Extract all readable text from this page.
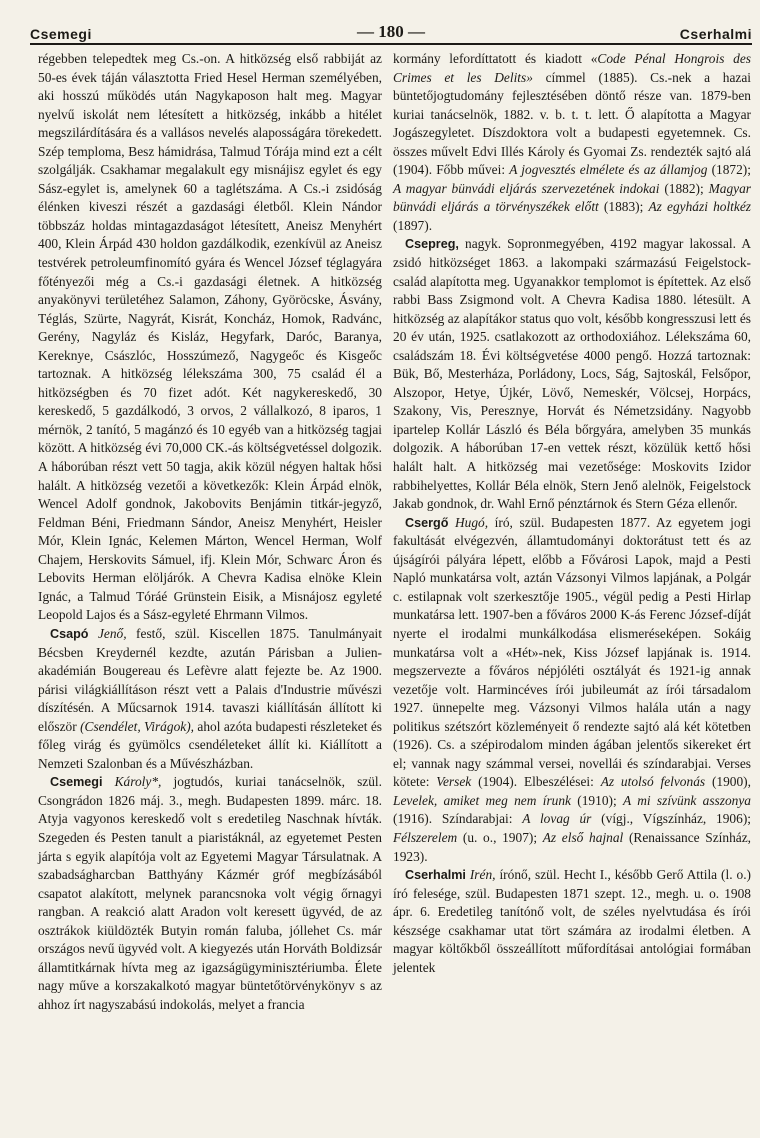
Csemegi	— 180 —	Cserhalmi

régebben telepedtek meg Cs.-on. A hitközség első rabbiját az 50-es évek táján választotta Fried Hesel Herman személyében, aki hosszú működés után Nagykaposon halt meg. Magyar nyelvű iskolát nem létesített a hitközség, inkább a hitélet megszilárdítására és a vallásos nevelés alaposságára törekedett. Szép temploma, Besz hámidrása, Talmud Tórája mind ezt a célt szolgálják. Csakhamar megalakult egy misnájisz egylet és egy Sász-egylet is, amelynek 60 a taglétszáma. A Cs.-i zsidóság élénken kiveszi részét a gazdasági életből. Klein Nándor többszáz holdas mintagazdaságot létesített, Aneisz Menyhért 400, Klein Árpád 430 holdon gazdálkodik, ezenkívül az Aneisz testvérek petroleumfinomító gyára és Wencel József téglagyára főtényezői még a Cs.-i gazdasági életnek. A hitközség anyakönyvi területéhez Salamon, Záhony, Györöcske, Ásvány, Téglás, Szürte, Nagyrát, Kisrát, Koncház, Homok, Radvánc, Gerény, Nagyláz és Kisláz, Hegyfark, Daróc, Baranya, Kereknye, Császlóc, Hosszúmező, Nagygeőc és Kisgeőc tartoznak. A hitközség lélekszáma 300, 75 család él a hitközségben és 70 fizet adót. Két nagykereskedő, 30 kereskedő, 5 gazdálkodó, 3 orvos, 2 vállalkozó, 8 iparos, 1 mérnök, 2 tanító, 5 magánzó és 10 egyéb van a hitközség tagjai között. A hitközség évi 70,000 CK.-ás költségvetéssel dolgozik. A háborúban részt vett 50 tagja, akik közül négyen haltak hősi halált. A hitközség vezetői a következők: Klein Árpád elnök, Wencel Adolf gondnok, Jakobovits Benjámin titkár-jegyző, Feldman Béni, Friedmann Sándor, Aneisz Menyhért, Heisler Mór, Klein Ignác, Kelemen Márton, Wencel Herman, Wolf Chajem, Herskovits Sámuel, ifj. Klein Mór, Schwarc Áron és Lebovits Herman elöljárók. A Chevra Kadisa elnöke Klein Ignác, a Talmud Tóráé Grünstein Eisik, a Misnájosz egyleté Leopold Lajos és a Sász-egyleté Ehrmann Vilmos.

Csapó Jenő, festő, szül. Kiscellen 1875. Tanulmányait Bécsben Kreydernél kezdte, azután Párisban a Julien-akadémián Bougereau és Lefèvre alatt fejezte be. Az 1900. párisi világkiállításon részt vett a Palais d'Industrie művészi díszítésén. A Műcsarnok 1914. tavaszi kiállításán állított ki először (Csendélet, Virágok), ahol azóta budapesti részleteket és főleg virág és gyümölcs csendéleteket állít ki. Kiállított a Nemzeti Szalonban és a Művészházban.

Csemegi Károly*, jogtudós, kuriai tanácselnök, szül. Csongrádon 1826 máj. 3., megh. Budapesten 1899. márc. 18. Atyja vagyonos kereskedő volt s eredetileg Naschnak hívták. Szegeden és Pesten tanult a piaristáknál, az egyetemet Pesten járta s egyik alapítója volt az Egyetemi Magyar Társulatnak. A szabadságharcban Batthyány Kázmér gróf megbízásából csapatot alakított, melynek parancsnoka volt végig őrnagyi rangban. A reakció alatt Aradon volt keresett ügyvéd, de az osztrákok kiüldözték Butyin román faluba, jóllehet Cs. már országos nevű ügyvéd volt. A kiegyezés után Horváth Boldizsár államtitkárnak hívta meg az igazságügyminisztériumba. Élete nagy műve a korszakalkotó magyar büntetőtörvénykönyv s az ahhoz írt nagyszabású indokolás, melyet a francia

kormány lefordíttatott és kiadott «Code Pénal Hongrois des Crimes et les Delits» címmel (1885). Cs.-nek a hazai büntetőjogtudomány fejlesztésében döntő része van. 1879-ben kuriai tanácselnök, 1882. v. b. t. t. lett. Ő alapította a Magyar Jogászegyletet. Díszdoktora volt a budapesti egyetemnek. Cs. összes művelt Edvi Illés Károly és Gyomai Zs. rendezték sajtó alá (1904). Főbb művei: A jogvesztés elmélete és az államjog (1872); A magyar bünvádi eljárás szervezetének indokai (1882); Magyar bünvádi eljárás a törvényszékek előtt (1883); Az egyházi holtkéz (1897).

Csepreg, nagyk. Sopronmegyében, 4192 magyar lakossal. A zsidó hitközséget 1863. a lakompaki származású Feigelstock-család alapította meg. Ugyanakkor templomot is építettek. Az első rabbi Bass Zsigmond volt. A Chevra Kadisa 1880. létesült. A hitközség az alapítákor status quo volt, később kongresszusi lett és 20 év után, 1925. csatlakozott az orthodoxiához. Lélekszáma 60, családszám 18. Évi költségvetése 4000 pengő. Hozzá tartoznak: Bük, Bő, Mesterháza, Porládony, Locs, Ság, Sajtoskál, Felsőpor, Alszopor, Hetye, Újkér, Lövő, Nemeskér, Völcsej, Horpács, Szakony, Vis, Peresznye, Horvát és Németzsidány. Nagyobb ipartelep Kollár László és Béla bőrgyára, amelyben 35 munkás dolgozik. A háborúban 17-en vettek részt, közülük kettő hősi halált halt. A hitközség mai vezetősége: Moskovits Izidor rabbihelyettes, Kollár Béla elnök, Stern Jenő alelnök, Feigelstock Jakab gondnok, dr. Wahl Ernő pénztárnok és Stern Géza ellenőr.

Csergő Hugó, író, szül. Budapesten 1877. Az egyetem jogi fakultását elvégezvén, államtudományi doktorátust tett és az újságírói pályára lépett, előbb a Fővárosi Lapok, majd a Pesti Napló munkatársa volt, aztán Vázsonyi Vilmos lapjának, a Polgár c. estilapnak volt szerkesztője 1905., végül pedig a Pesti Hirlap munkatársa lett. 1907-ben a főváros 2000 K-ás Ferenc József-díját nyerte el irodalmi munkálkodása elismeréseképen. Sokáig munkatársa volt a «Hét»-nek, Kiss József lapjának is. 1914. megszervezte a főváros népjóléti osztályát és 1921-ig annak vezetője volt. Harmincéves írói jubileumát az írói társadalom 1927. ünnepelte meg. Vázsonyi Vilmos halála után a nagy politikus szétszórt közleményeit ő rendezte sajtó alá két kötetben (1926). Cs. a szépirodalom minden ágában jelentős sikereket ért el; vannak nagy számmal versei, novellái és színdarabjai. Verses kötete: Versek (1904). Elbeszélései: Az utolsó felvonás (1900), Levelek, amiket meg nem írunk (1910); A mi szívünk asszonya (1916). Színdarabjai: A lovag úr (vígj., Vígszínház, 1906); Félszerelem (u. o., 1907); Az első hajnal (Renaissance Színház, 1923).

Cserhalmi Irén, írónő, szül. Hecht I., később Gerő Attila (l. o.) író felesége, szül. Budapesten 1871 szept. 12., megh. u. o. 1908 ápr. 6. Eredetileg tanítónő volt, de széles nyelvtudása és írói készsége csakhamar utat tört számára az irodalmi életben. A magyar költőkből összeállított műfordításai antológiai formában jelentek
